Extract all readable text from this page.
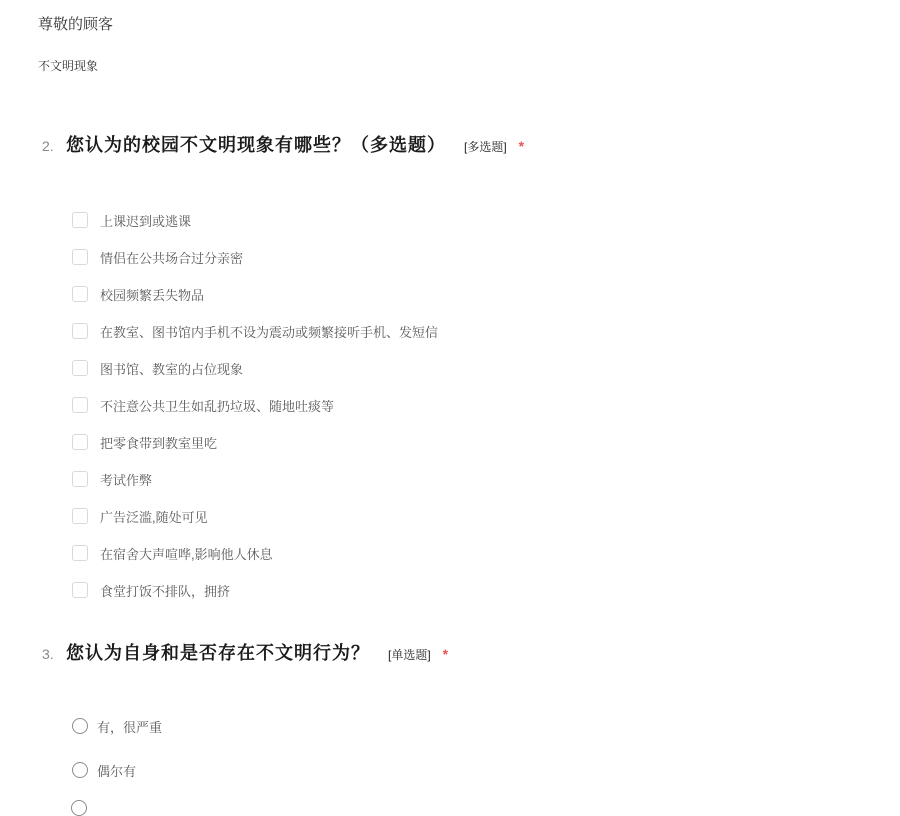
尊敬的顾客
不文明现象
2. 您认为的校园不文明现象有哪些？（多选题） [多选题] *
上课迟到或逃课
情侣在公共场合过分亲密
校园频繁丢失物品
在教室、图书馆内手机不设为震动或频繁接听手机、发短信
图书馆、教室的占位现象
不注意公共卫生如乱扔垃圾、随地吐痰等
把零食带到教室里吃
考试作弊
广告泛滥,随处可见
在宿舍大声喧哗,影响他人休息
食堂打饭不排队，拥挤
3. 您认为自身和是否存在不文明行为？ [单选题] *
有，很严重
偶尔有
